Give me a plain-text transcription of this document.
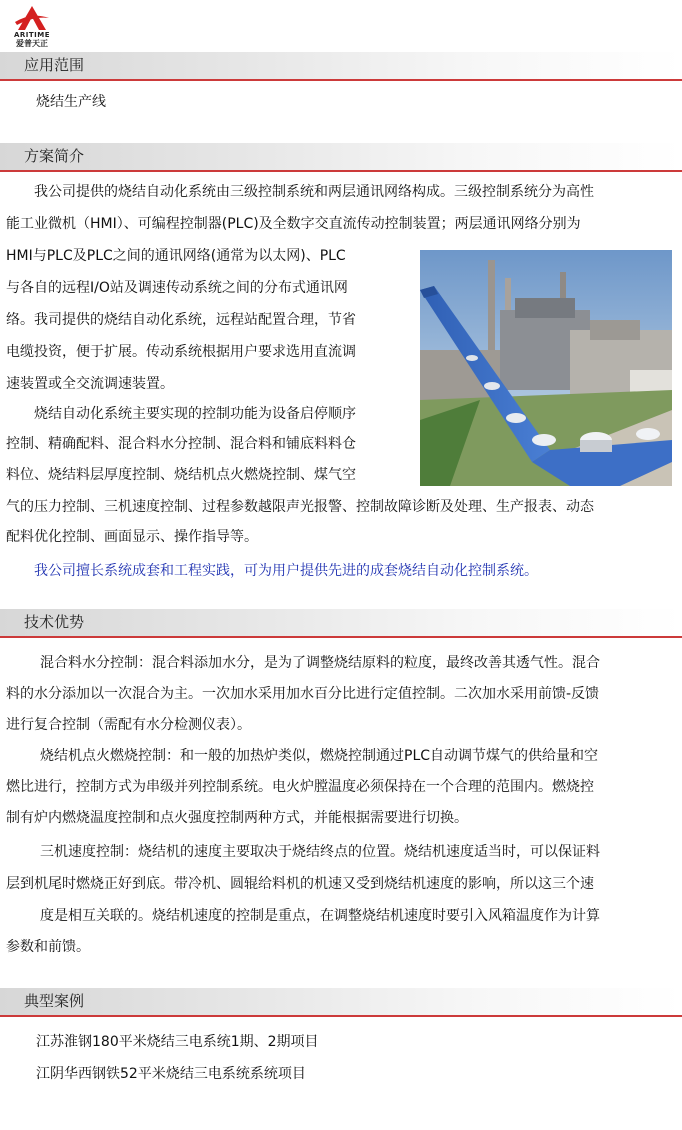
ARITIME
爱普天正
应用范围
烧结生产线
方案简介
我公司提供的烧结自动化系统由三级控制系统和两层通讯网络构成。三级控制系统分为高性
能工业微机（HMI）、可编程控制器(PLC)及全数字交直流传动控制装置；两层通讯网络分别为
HMI与PLC及PLC之间的通讯网络(通常为以太网)、PLC
与各自的远程I/O站及调速传动系统之间的分布式通讯网
络。我司提供的烧结自动化系统，远程站配置合理，节省
电缆投资，便于扩展。传动系统根据用户要求选用直流调
速装置或全交流调速装置。
烧结自动化系统主要实现的控制功能为设备启停顺序
控制、精确配料、混合料水分控制、混合料和铺底料料仓
料位、烧结料层厚度控制、烧结机点火燃烧控制、煤气空
气的压力控制、三机速度控制、过程参数越限声光报警、控制故障诊断及处理、生产报表、动态
配料优化控制、画面显示、操作指导等。
我公司擅长系统成套和工程实践，可为用户提供先进的成套烧结自动化控制系统。
技术优势
混合料水分控制：混合料添加水分，是为了调整烧结原料的粒度，最终改善其透气性。混合
料的水分添加以一次混合为主。一次加水采用加水百分比进行定值控制。二次加水采用前馈-反馈
进行复合控制（需配有水分检测仪表）。
烧结机点火燃烧控制：和一般的加热炉类似，燃烧控制通过PLC自动调节煤气的供给量和空
燃比进行，控制方式为串级并列控制系统。电火炉膛温度必须保持在一个合理的范围内。燃烧控
制有炉内燃烧温度控制和点火强度控制两种方式，并能根据需要进行切换。
三机速度控制：烧结机的速度主要取决于烧结终点的位置。烧结机速度适当时，可以保证料
层到机尾时燃烧正好到底。带冷机、圆辊给料机的机速又受到烧结机速度的影响，所以这三个速
度是相互关联的。烧结机速度的控制是重点，在调整烧结机速度时要引入风箱温度作为计算
参数和前馈。
典型案例
江苏淮钢180平米烧结三电系统1期、2期项目
江阴华西钢铁52平米烧结三电系统系统项目
